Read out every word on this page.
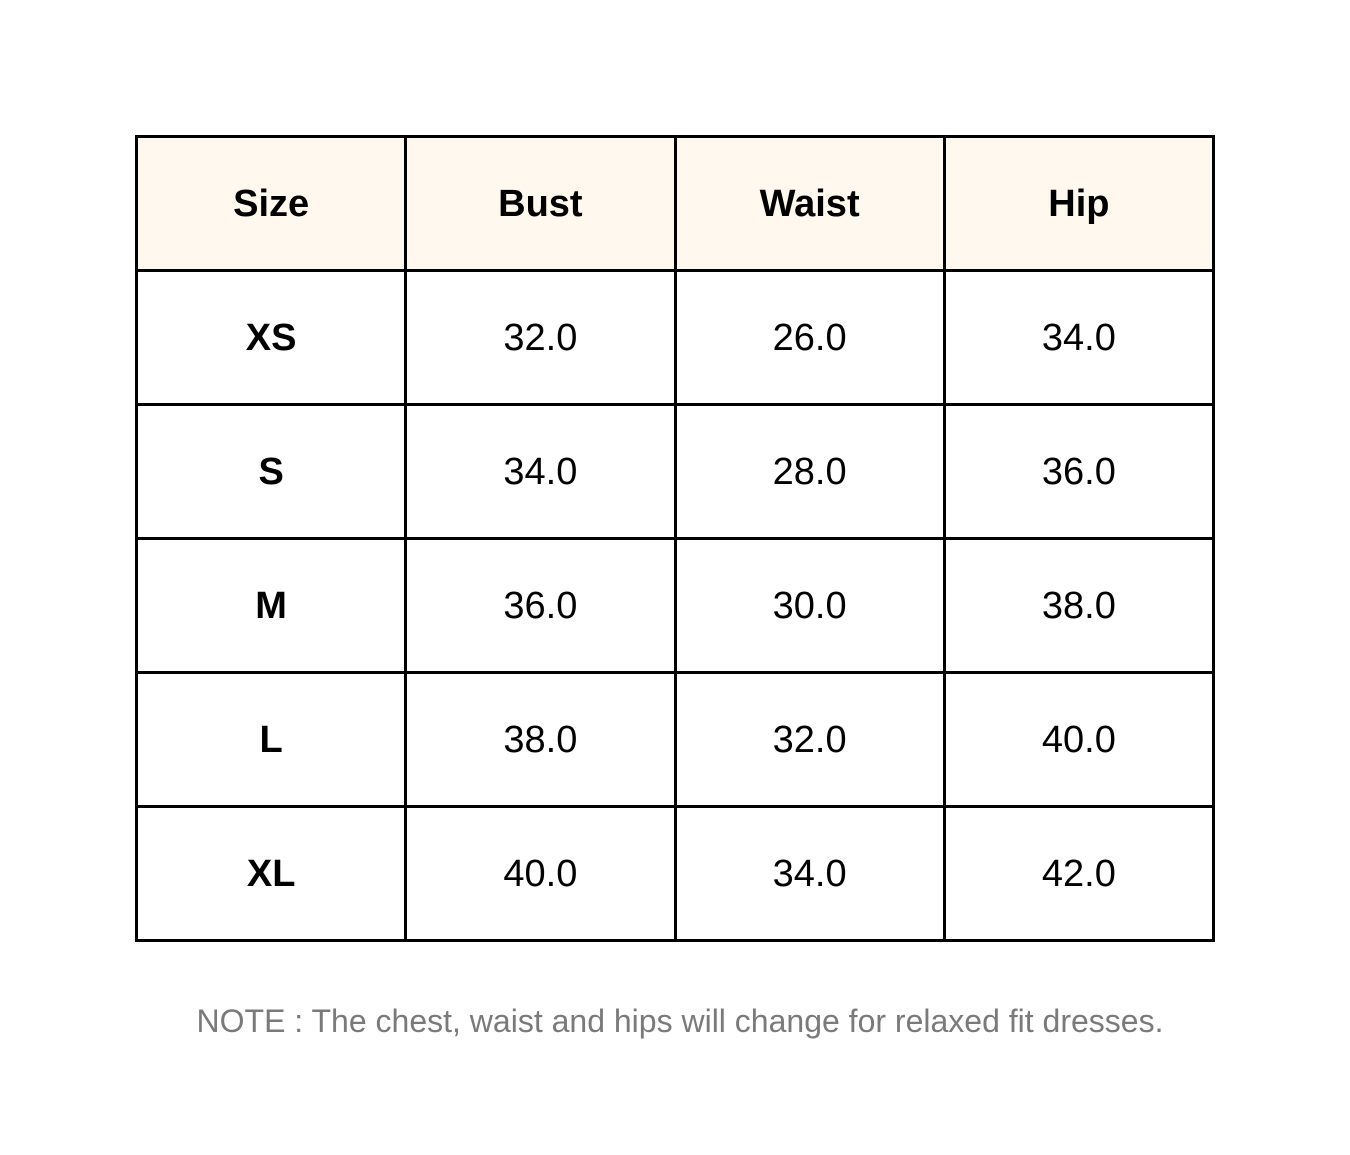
Size	Bust	Waist	Hip
XS	32.0	26.0	34.0
S	34.0	28.0	36.0
M	36.0	30.0	38.0
L	38.0	32.0	40.0
XL	40.0	34.0	42.0
NOTE : The chest, waist and hips will change for relaxed fit dresses.
